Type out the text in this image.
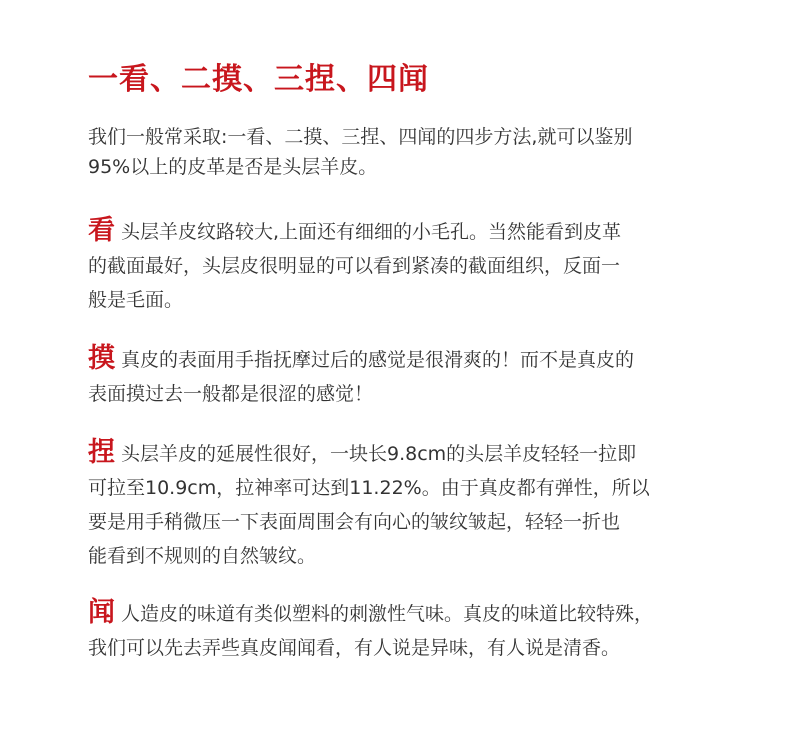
一看、二摸、三捏、四闻
我们一般常采取:一看、二摸、三捏、四闻的四步方法,就可以鉴别
95%以上的皮革是否是头层羊皮。
看 头层羊皮纹路较大,上面还有细细的小毛孔。当然能看到皮革
的截面最好，头层皮很明显的可以看到紧凑的截面组织，反面一
般是毛面。
摸 真皮的表面用手指抚摩过后的感觉是很滑爽的！而不是真皮的
表面摸过去一般都是很涩的感觉！
捏 头层羊皮的延展性很好，一块长9.8cm的头层羊皮轻轻一拉即
可拉至10.9cm，拉神率可达到11.22%。由于真皮都有弹性，所以
要是用手稍微压一下表面周围会有向心的皱纹皱起，轻轻一折也
能看到不规则的自然皱纹。
闻 人造皮的味道有类似塑料的刺激性气味。真皮的味道比较特殊，
我们可以先去弄些真皮闻闻看，有人说是异味，有人说是清香。
